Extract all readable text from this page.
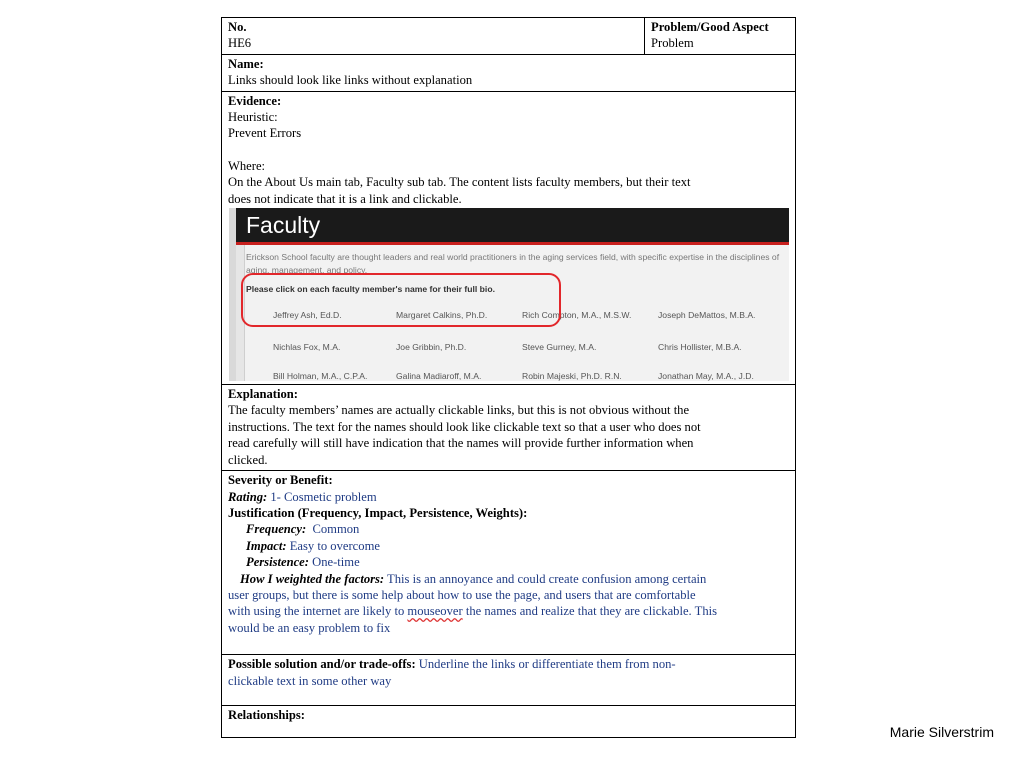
No.
HE6
Problem/Good Aspect
Problem
Name:
Links should look like links without explanation
Evidence:
Heuristic:
Prevent Errors
Where:
On the About Us main tab, Faculty sub tab. The content lists faculty members, but their text
does not indicate that it is a link and clickable.
Faculty
Erickson School faculty are thought leaders and real world practitioners in the aging services field, with specific expertise in the disciplines of aging, management, and policy.
Please click on each faculty member's name for their full bio.
Jeffrey Ash, Ed.D.	Margaret Calkins, Ph.D.	Rich Compton, M.A., M.S.W.	Joseph DeMattos, M.B.A.
Nichlas Fox, M.A.	Joe Gribbin, Ph.D.	Steve Gurney, M.A.	Chris Hollister, M.B.A.
Bill Holman, M.A., C.P.A.	Galina Madiaroff, M.A.	Robin Majeski, Ph.D. R.N.	Jonathan May, M.A., J.D.
Explanation:
The faculty members’ names are actually clickable links, but this is not obvious without the
instructions. The text for the names should look like clickable text so that a user who does not
read carefully will still have indication that the names will provide further information when
clicked.
Severity or Benefit:
Rating: 1- Cosmetic problem
Justification (Frequency, Impact, Persistence, Weights):
Frequency:  Common
Impact: Easy to overcome
Persistence: One-time
How I weighted the factors: This is an annoyance and could create confusion among certain
user groups, but there is some help about how to use the page, and users that are comfortable
with using the internet are likely to mouseover the names and realize that they are clickable. This
would be an easy problem to fix
Possible solution and/or trade-offs: Underline the links or differentiate them from non-
clickable text in some other way
Relationships:
Marie Silverstrim
